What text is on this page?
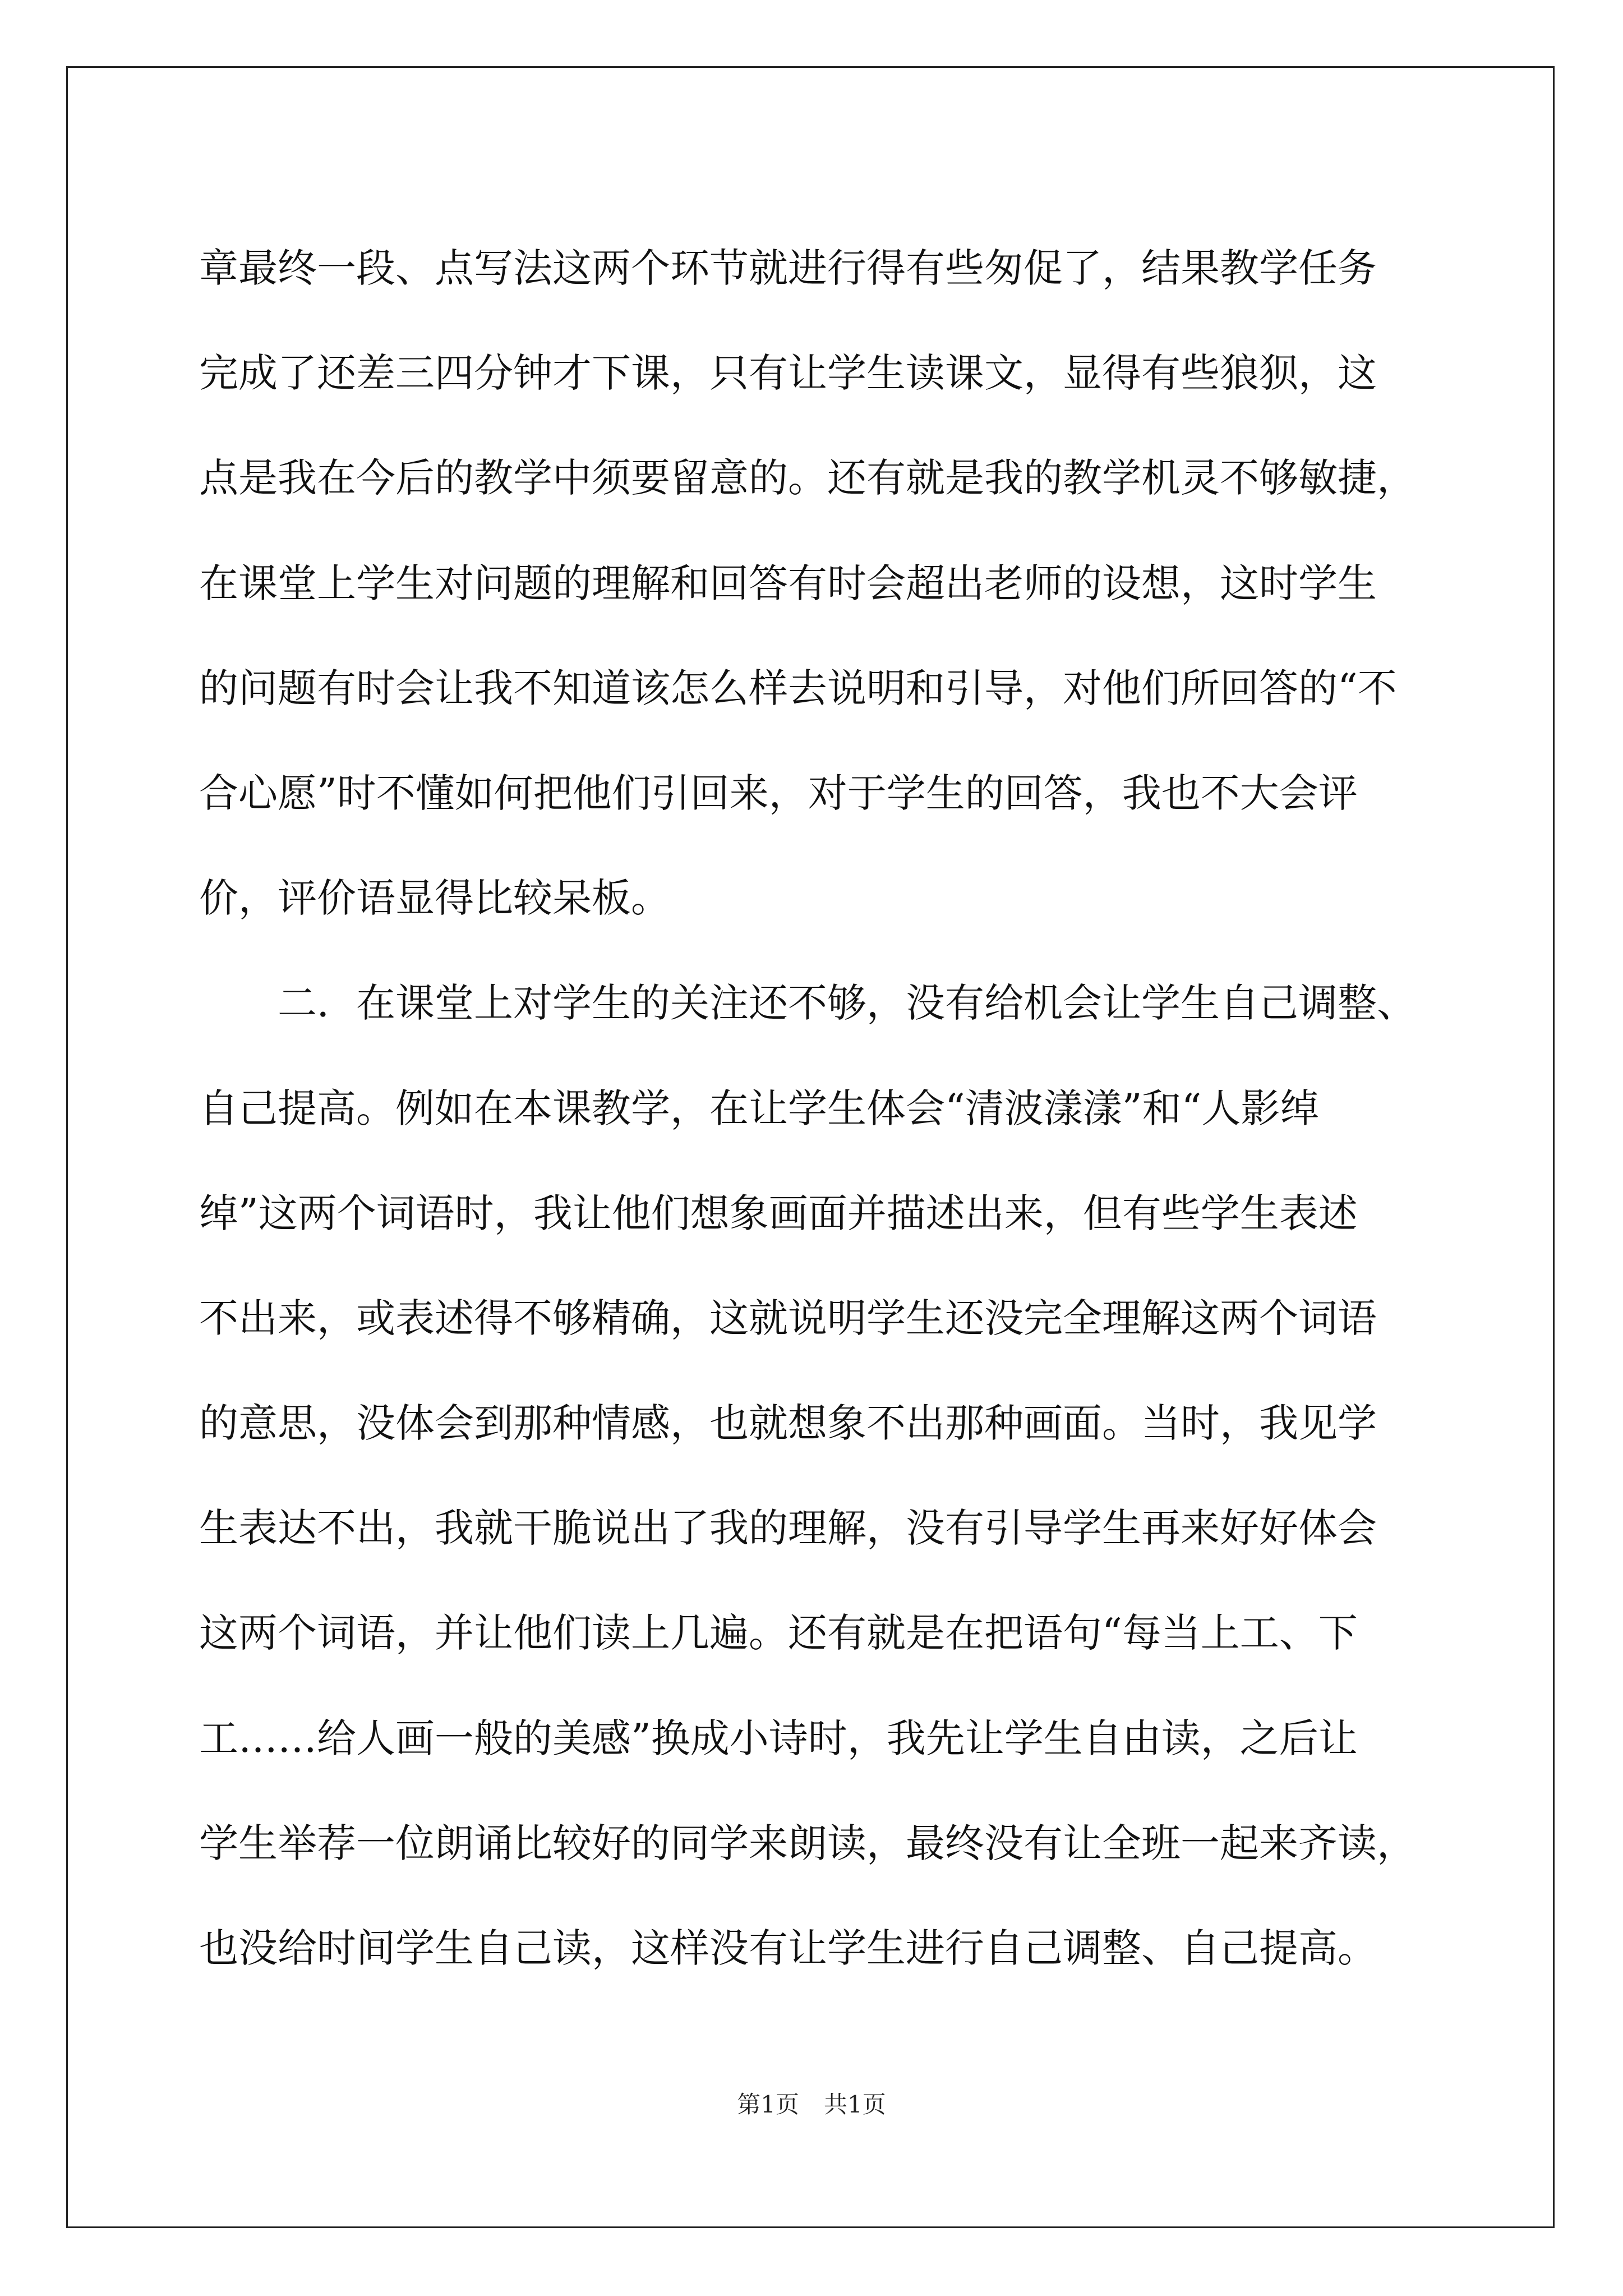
章最终一段、点写法这两个环节就进行得有些匆促了，结果教学任务
完成了还差三四分钟才下课，只有让学生读课文，显得有些狼狈，这
点是我在今后的教学中须要留意的。还有就是我的教学机灵不够敏捷，
在课堂上学生对问题的理解和回答有时会超出老师的设想，这时学生
的问题有时会让我不知道该怎么样去说明和引导，对他们所回答的“不
合心愿”时不懂如何把他们引回来，对于学生的回答，我也不大会评
价，评价语显得比较呆板。
二．在课堂上对学生的关注还不够，没有给机会让学生自己调整、
自己提高。例如在本课教学，在让学生体会“清波漾漾”和“人影绰
绰”这两个词语时，我让他们想象画面并描述出来，但有些学生表述
不出来，或表述得不够精确，这就说明学生还没完全理解这两个词语
的意思，没体会到那种情感，也就想象不出那种画面。当时，我见学
生表达不出，我就干脆说出了我的理解，没有引导学生再来好好体会
这两个词语，并让他们读上几遍。还有就是在把语句“每当上工、下
工……给人画一般的美感”换成小诗时，我先让学生自由读，之后让
学生举荐一位朗诵比较好的同学来朗读，最终没有让全班一起来齐读，
也没给时间学生自己读，这样没有让学生进行自己调整、自己提高。
第1页 共1页
